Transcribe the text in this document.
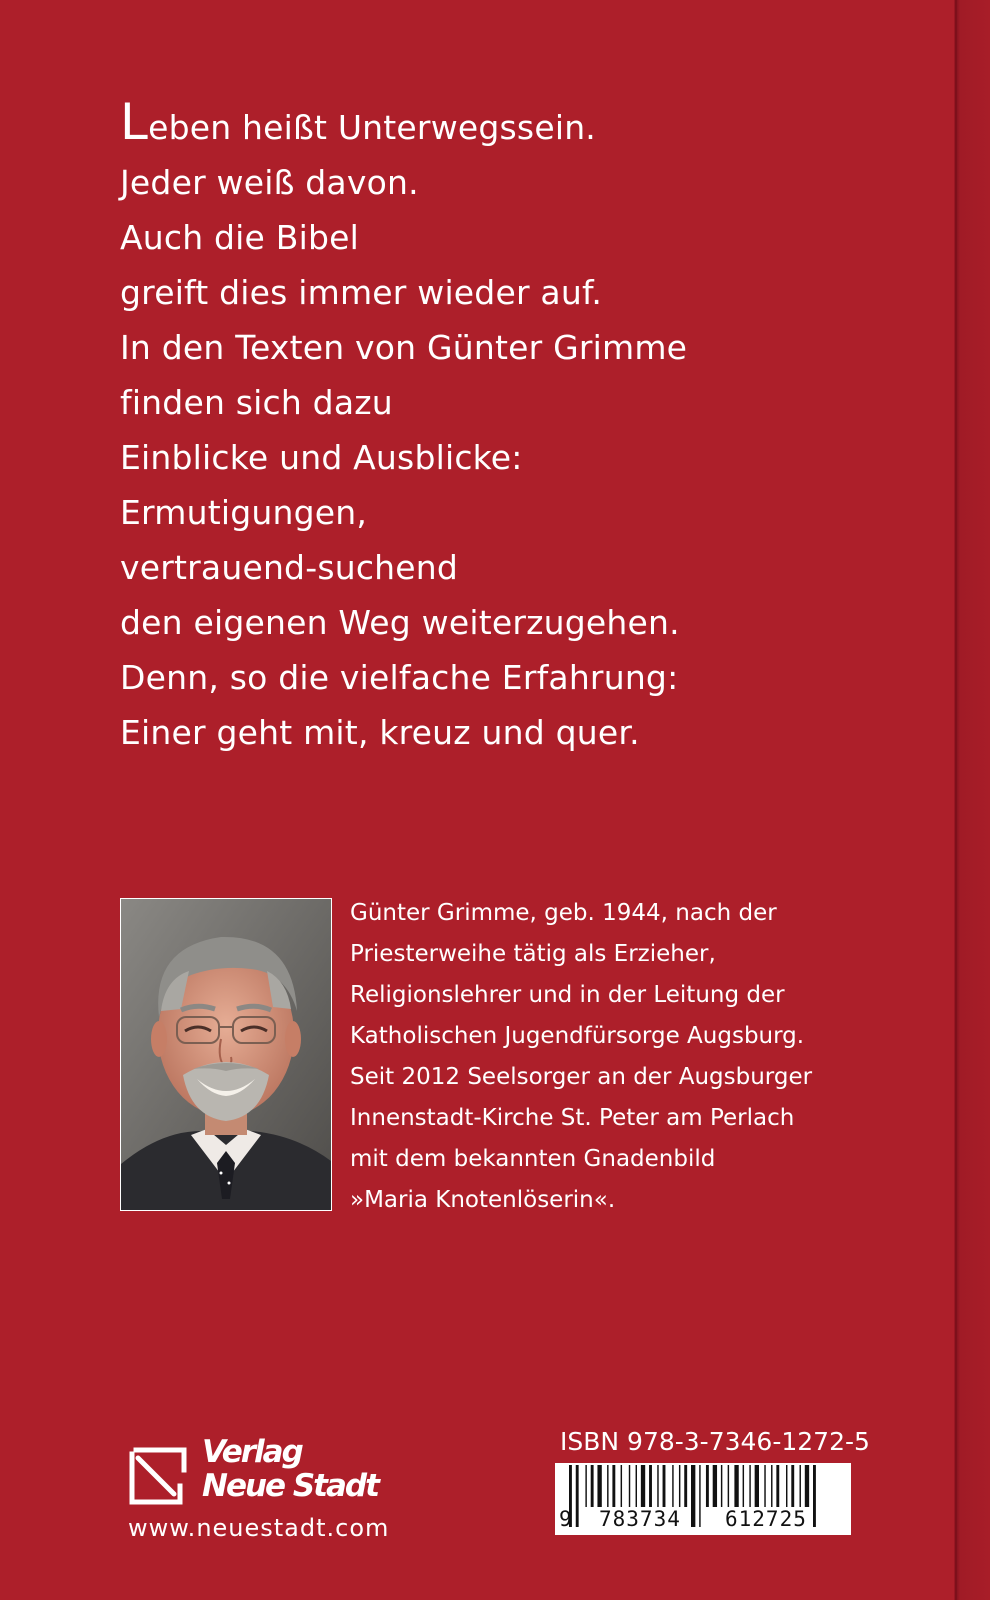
Leben heißt Unterwegssein.
Jeder weiß davon.
Auch die Bibel
greift dies immer wieder auf.
In den Texten von Günter Grimme
finden sich dazu
Einblicke und Ausblicke:
Ermutigungen,
vertrauend-suchend
den eigenen Weg weiterzugehen.
Denn, so die vielfache Erfahrung:
Einer geht mit, kreuz und quer.
Günter Grimme, geb. 1944, nach der
Priesterweihe tätig als Erzieher,
Religionslehrer und in der Leitung der
Katholischen Jugendfürsorge Augsburg.
Seit 2012 Seelsorger an der Augsburger
Innenstadt-Kirche St. Peter am Perlach
mit dem bekannten Gnadenbild
»Maria Knotenlöserin«.
Verlag
Neue Stadt
www.neuestadt.com
ISBN 978-3-7346-1272-5
9 783734 612725
